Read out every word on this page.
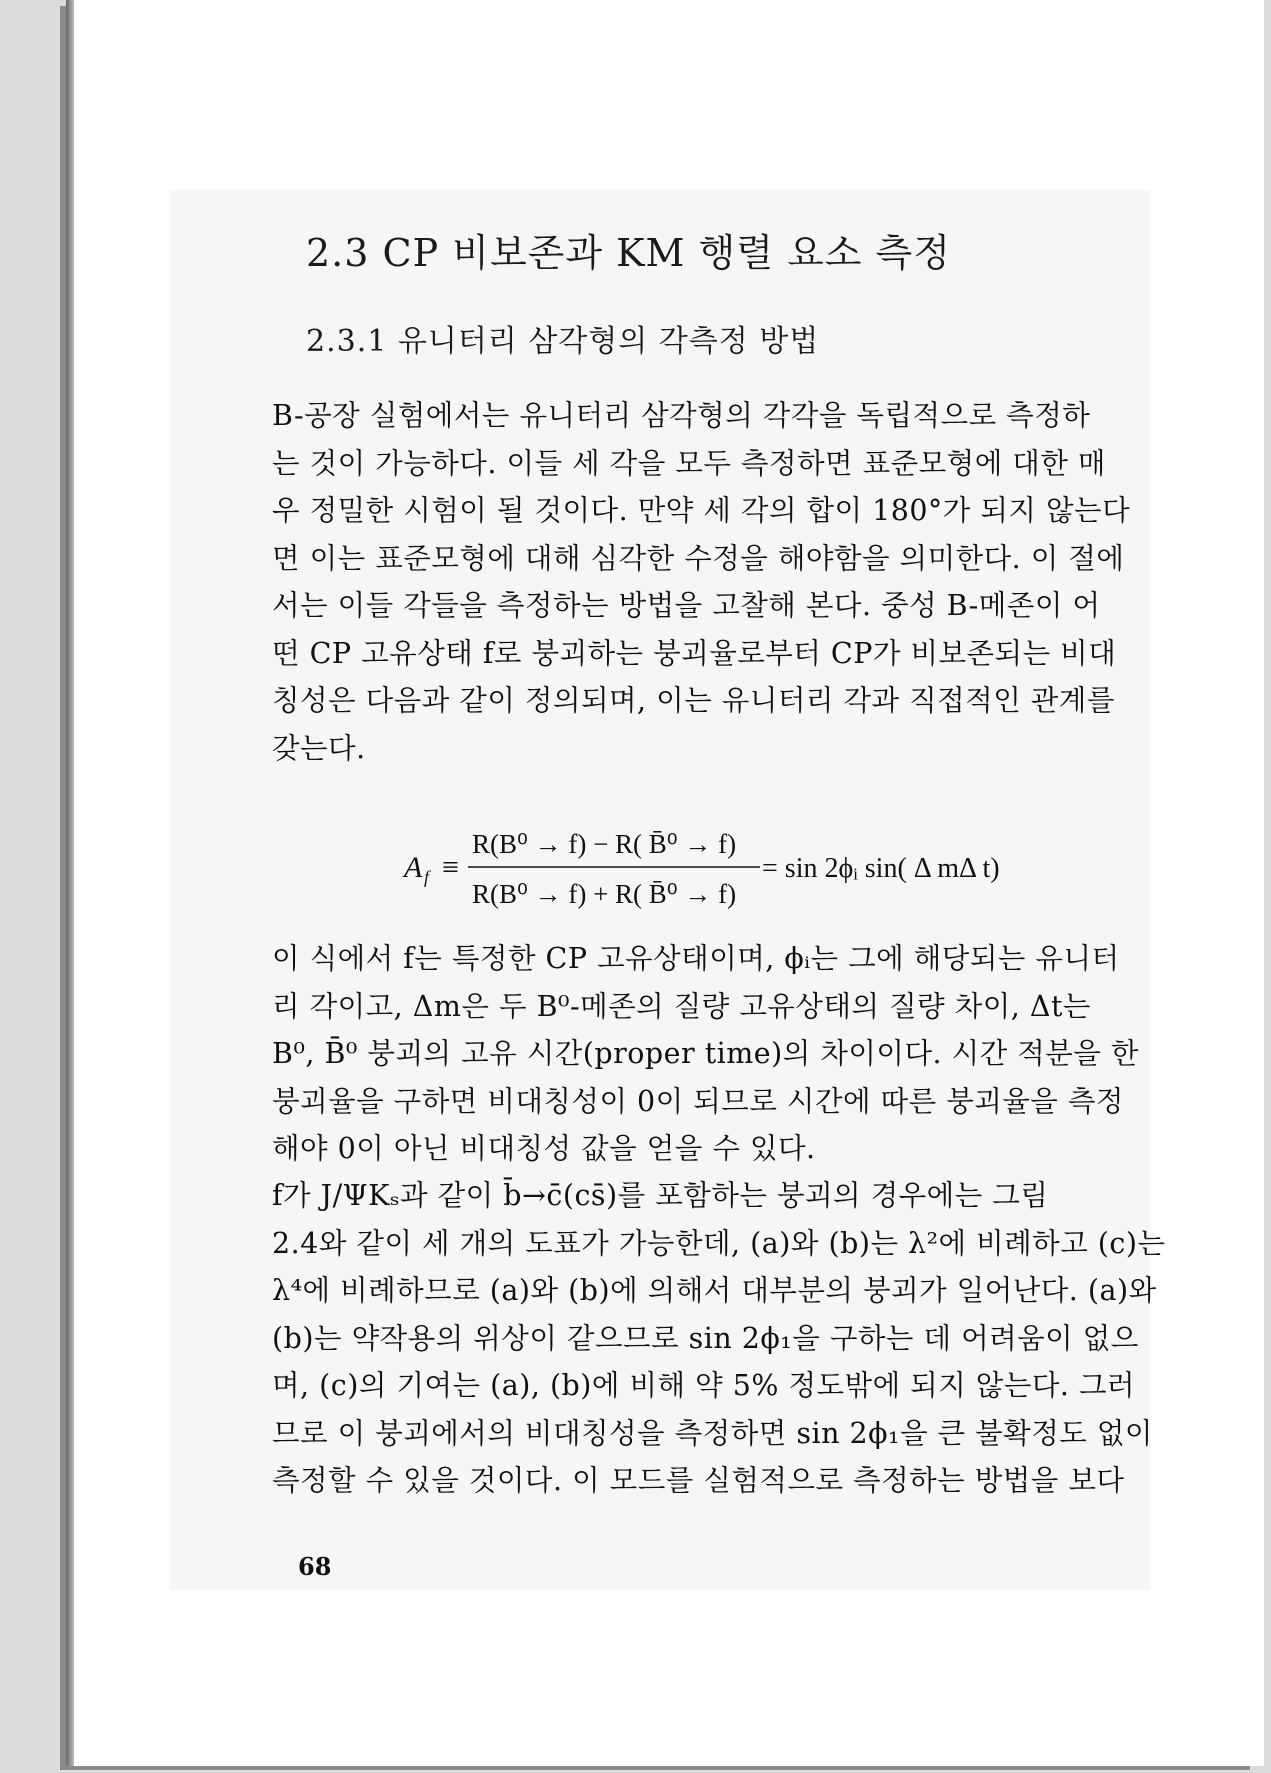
2.3 CP 비보존과 KM 행렬 요소 측정
2.3.1 유니터리 삼각형의 각측정 방법
B-공장 실험에서는 유니터리 삼각형의 각각을 독립적으로 측정하
는 것이 가능하다. 이들 세 각을 모두 측정하면 표준모형에 대한 매
우 정밀한 시험이 될 것이다. 만약 세 각의 합이 180°가 되지 않는다
면 이는 표준모형에 대해 심각한 수정을 해야함을 의미한다. 이 절에
서는 이들 각들을 측정하는 방법을 고찰해 본다. 중성 B-메존이 어
떤 CP 고유상태 f로 붕괴하는 붕괴율로부터 CP가 비보존되는 비대
칭성은 다음과 같이 정의되며, 이는 유니터리 각과 직접적인 관계를
갖는다.
A f ≡
R(B⁰ → f) − R( B̄⁰ → f)
R(B⁰ → f) + R( B̄⁰ → f)
= sin 2ϕᵢ sin( Δ mΔ t)
이 식에서 f는 특정한 CP 고유상태이며, ϕᵢ는 그에 해당되는 유니터
리 각이고, Δm은 두 B⁰-메존의 질량 고유상태의 질량 차이, Δt는
B⁰, B̄⁰ 붕괴의 고유 시간(proper time)의 차이이다. 시간 적분을 한
붕괴율을 구하면 비대칭성이 0이 되므로 시간에 따른 붕괴율을 측정
해야 0이 아닌 비대칭성 값을 얻을 수 있다.
f가 J/ΨKₛ과 같이 b̄→c̄(cs̄)를 포함하는 붕괴의 경우에는 그림
2.4와 같이 세 개의 도표가 가능한데, (a)와 (b)는 λ²에 비례하고 (c)는
λ⁴에 비례하므로 (a)와 (b)에 의해서 대부분의 붕괴가 일어난다. (a)와
(b)는 약작용의 위상이 같으므로 sin 2ϕ₁을 구하는 데 어려움이 없으
며, (c)의 기여는 (a), (b)에 비해 약 5% 정도밖에 되지 않는다. 그러
므로 이 붕괴에서의 비대칭성을 측정하면 sin 2ϕ₁을 큰 불확정도 없이
측정할 수 있을 것이다. 이 모드를 실험적으로 측정하는 방법을 보다
68
